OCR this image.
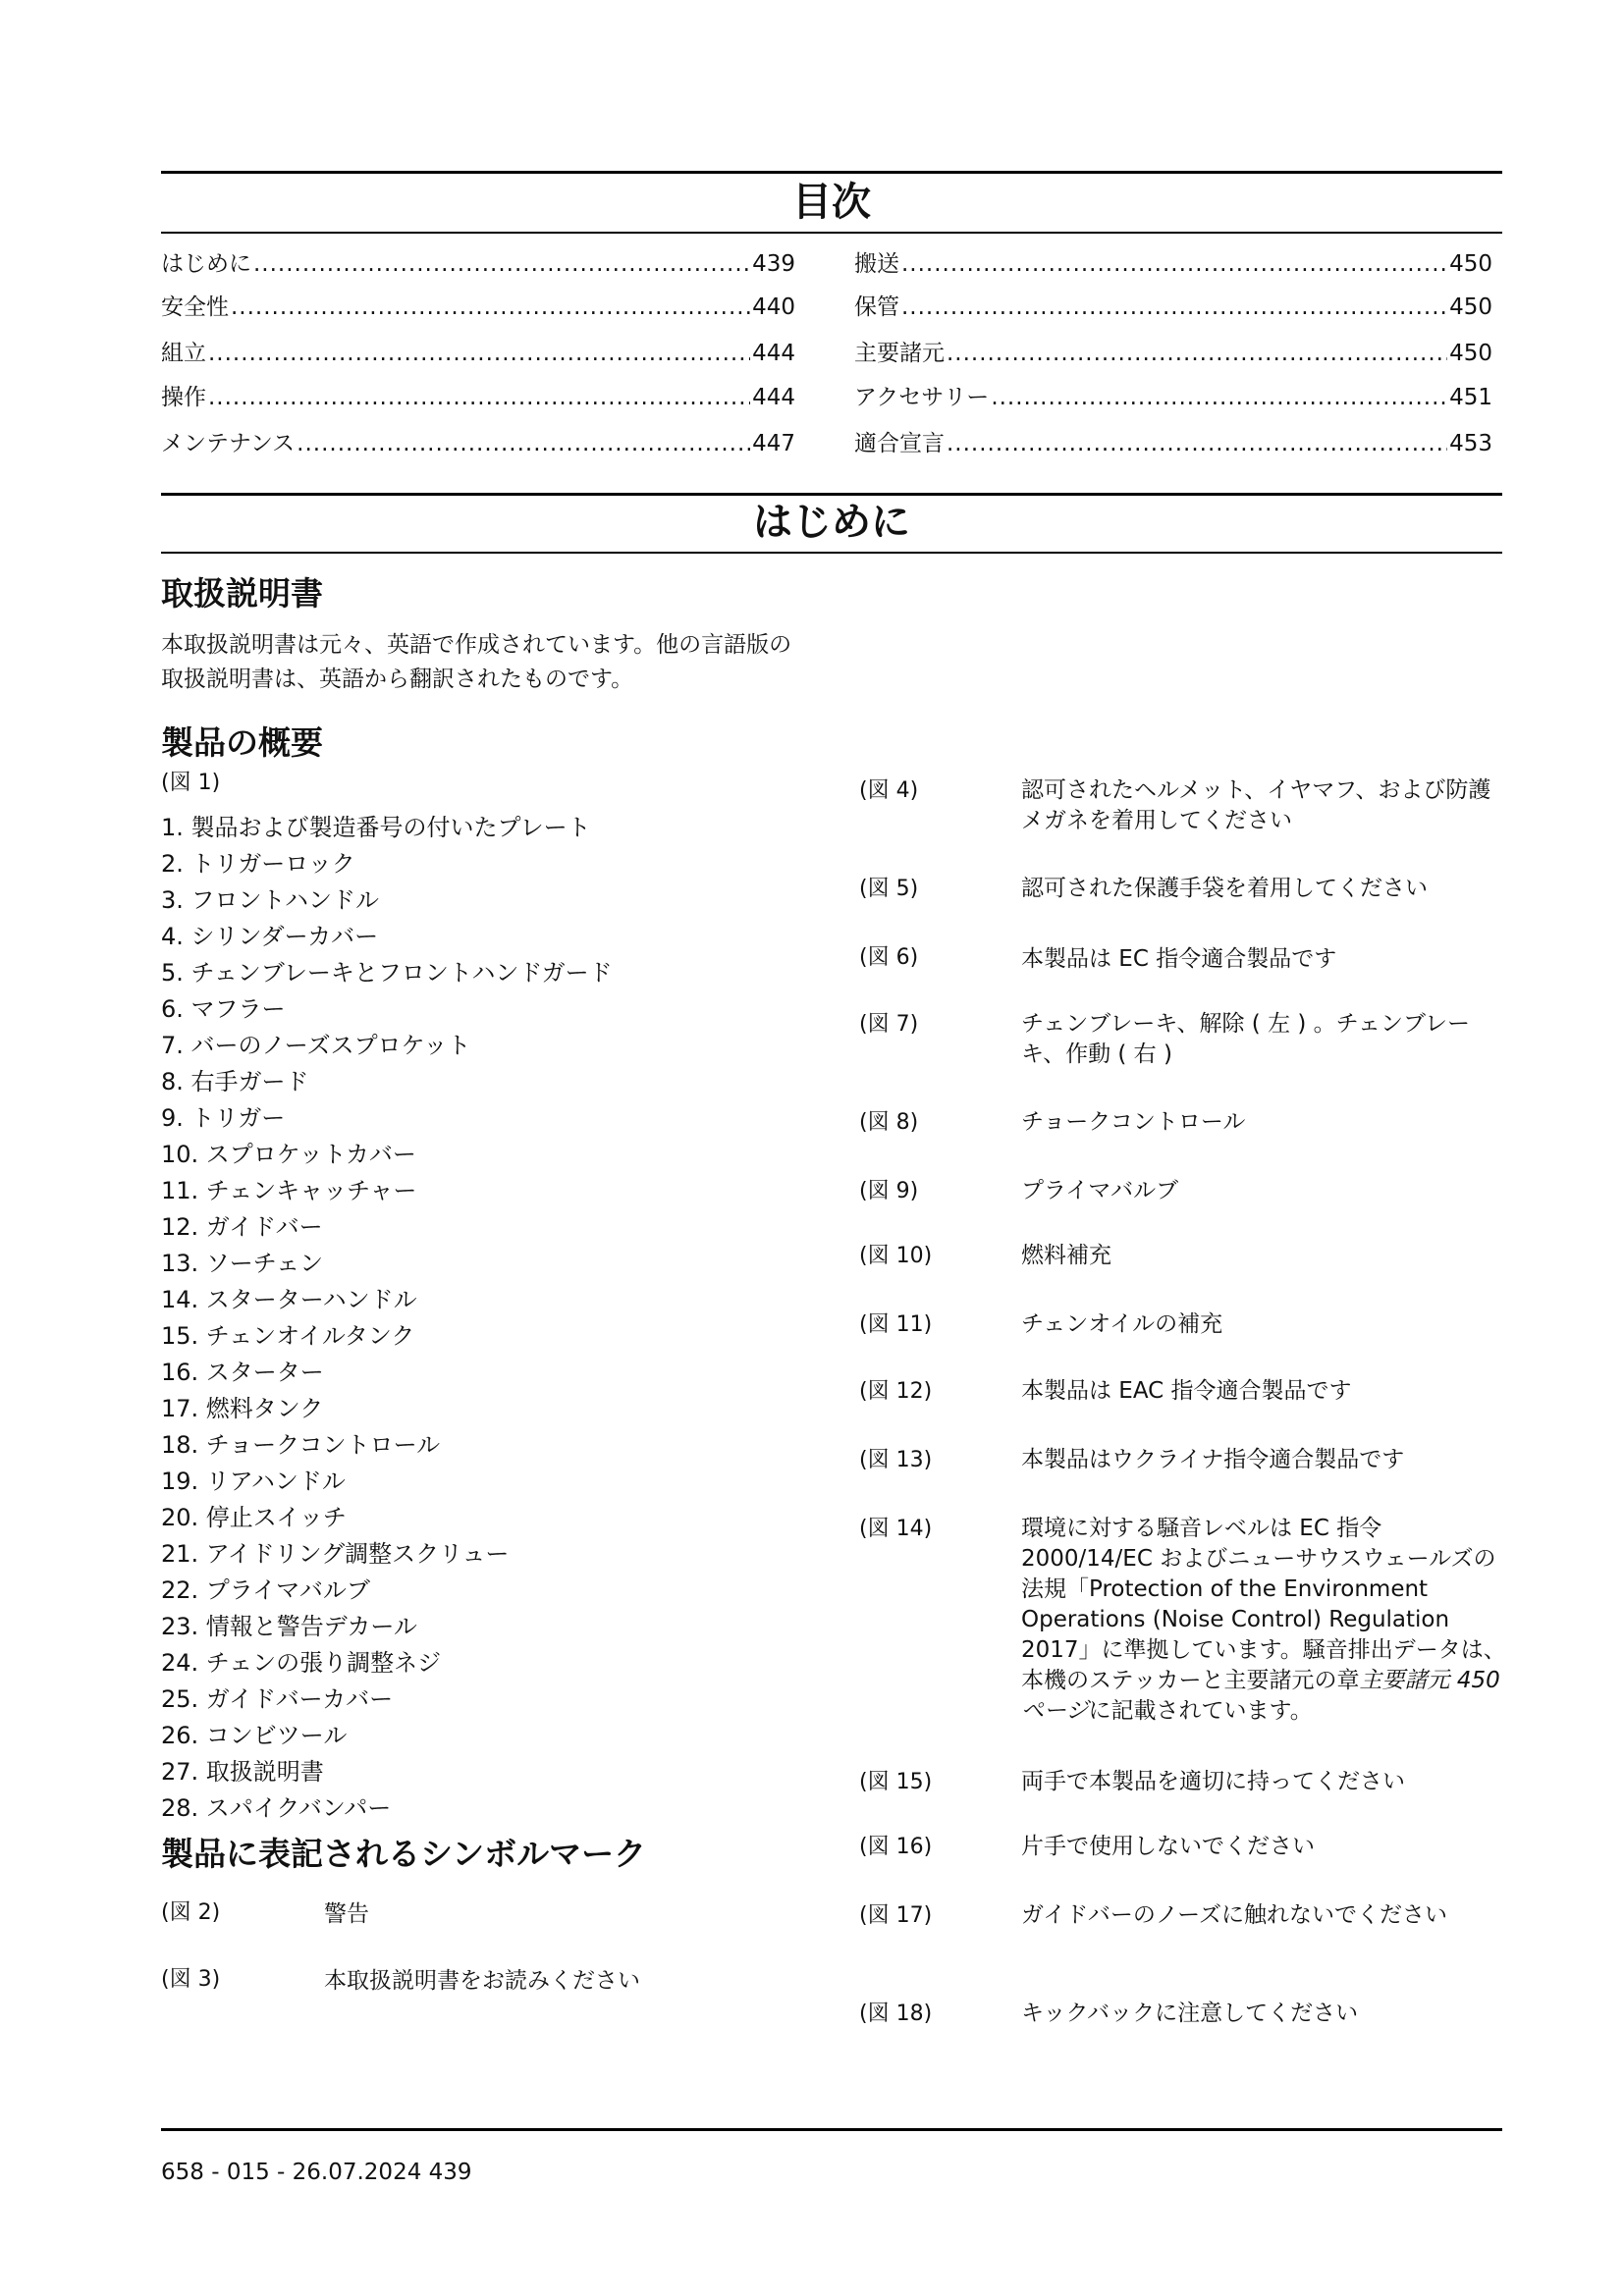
目次
はじめに .....	439
安全性 .....	440
組立 .....	444
操作 .....	444
メンテナンス .....	447
搬送 .....	450
保管 .....	450
主要諸元 .....	450
アクセサリー .....	451
適合宣言 .....	453
はじめに
取扱説明書
本取扱説明書は元々、英語で作成されています。他の言語版の取扱説明書は、英語から翻訳されたものです。
製品の概要
(図 1)
1. 製品および製造番号の付いたプレート
2. トリガーロック
3. フロントハンドル
4. シリンダーカバー
5. チェンブレーキとフロントハンドガード
6. マフラー
7. バーのノーズスプロケット
8. 右手ガード
9. トリガー
10. スプロケットカバー
11. チェンキャッチャー
12. ガイドバー
13. ソーチェン
14. スターターハンドル
15. チェンオイルタンク
16. スターター
17. 燃料タンク
18. チョークコントロール
19. リアハンドル
20. 停止スイッチ
21. アイドリング調整スクリュー
22. プライマバルブ
23. 情報と警告デカール
24. チェンの張り調整ネジ
25. ガイドバーカバー
26. コンビツール
27. 取扱説明書
28. スパイクバンパー
製品に表記されるシンボルマーク
(図 2)	警告
(図 3)	本取扱説明書をお読みください
(図 4)	認可されたヘルメット、イヤマフ、および防護メガネを着用してください
(図 5)	認可された保護手袋を着用してください
(図 6)	本製品は EC 指令適合製品です
(図 7)	チェンブレーキ、解除 ( 左 ) 。チェンブレーキ、作動 ( 右 )
(図 8)	チョークコントロール
(図 9)	プライマバルブ
(図 10)	燃料補充
(図 11)	チェンオイルの補充
(図 12)	本製品は EAC 指令適合製品です
(図 13)	本製品はウクライナ指令適合製品です
(図 14)	環境に対する騒音レベルは EC 指令 2000/14/EC およびニューサウスウェールズの法規「Protection of the Environment Operations (Noise Control) Regulation 2017」に準拠しています。騒音排出データは、本機のステッカーと主要諸元の章主要諸元 450 ページに記載されています。
(図 15)	両手で本製品を適切に持ってください
(図 16)	片手で使用しないでください
(図 17)	ガイドバーのノーズに触れないでください
(図 18)	キックバックに注意してください
658 - 015 - 26.07.2024 439
